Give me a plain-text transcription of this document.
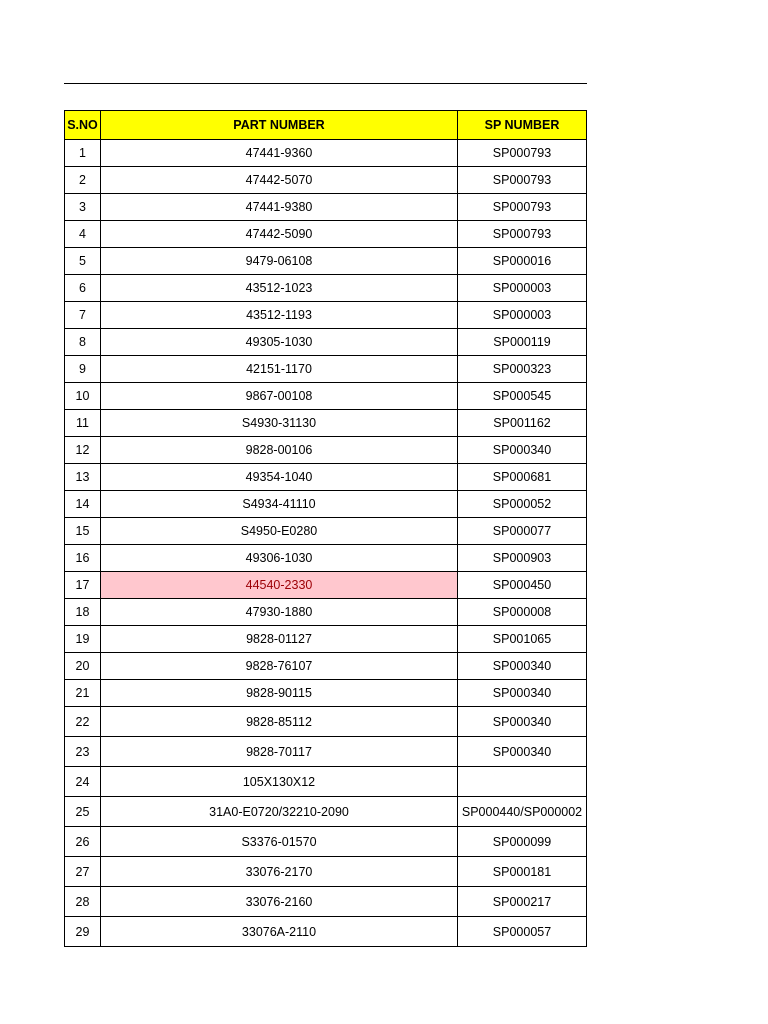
S.NO	PART NUMBER	SP NUMBER
1	47441-9360	SP000793
2	47442-5070	SP000793
3	47441-9380	SP000793
4	47442-5090	SP000793
5	9479-06108	SP000016
6	43512-1023	SP000003
7	43512-1193	SP000003
8	49305-1030	SP000119
9	42151-1170	SP000323
10	9867-00108	SP000545
11	S4930-31130	SP001162
12	9828-00106	SP000340
13	49354-1040	SP000681
14	S4934-41110	SP000052
15	S4950-E0280	SP000077
16	49306-1030	SP000903
17	44540-2330	SP000450
18	47930-1880	SP000008
19	9828-01127	SP001065
20	9828-76107	SP000340
21	9828-90115	SP000340
22	9828-85112	SP000340
23	9828-70117	SP000340
24	105X130X12	
25	31A0-E0720/32210-2090	SP000440/SP000002
26	S3376-01570	SP000099
27	33076-2170	SP000181
28	33076-2160	SP000217
29	33076A-2110	SP000057
